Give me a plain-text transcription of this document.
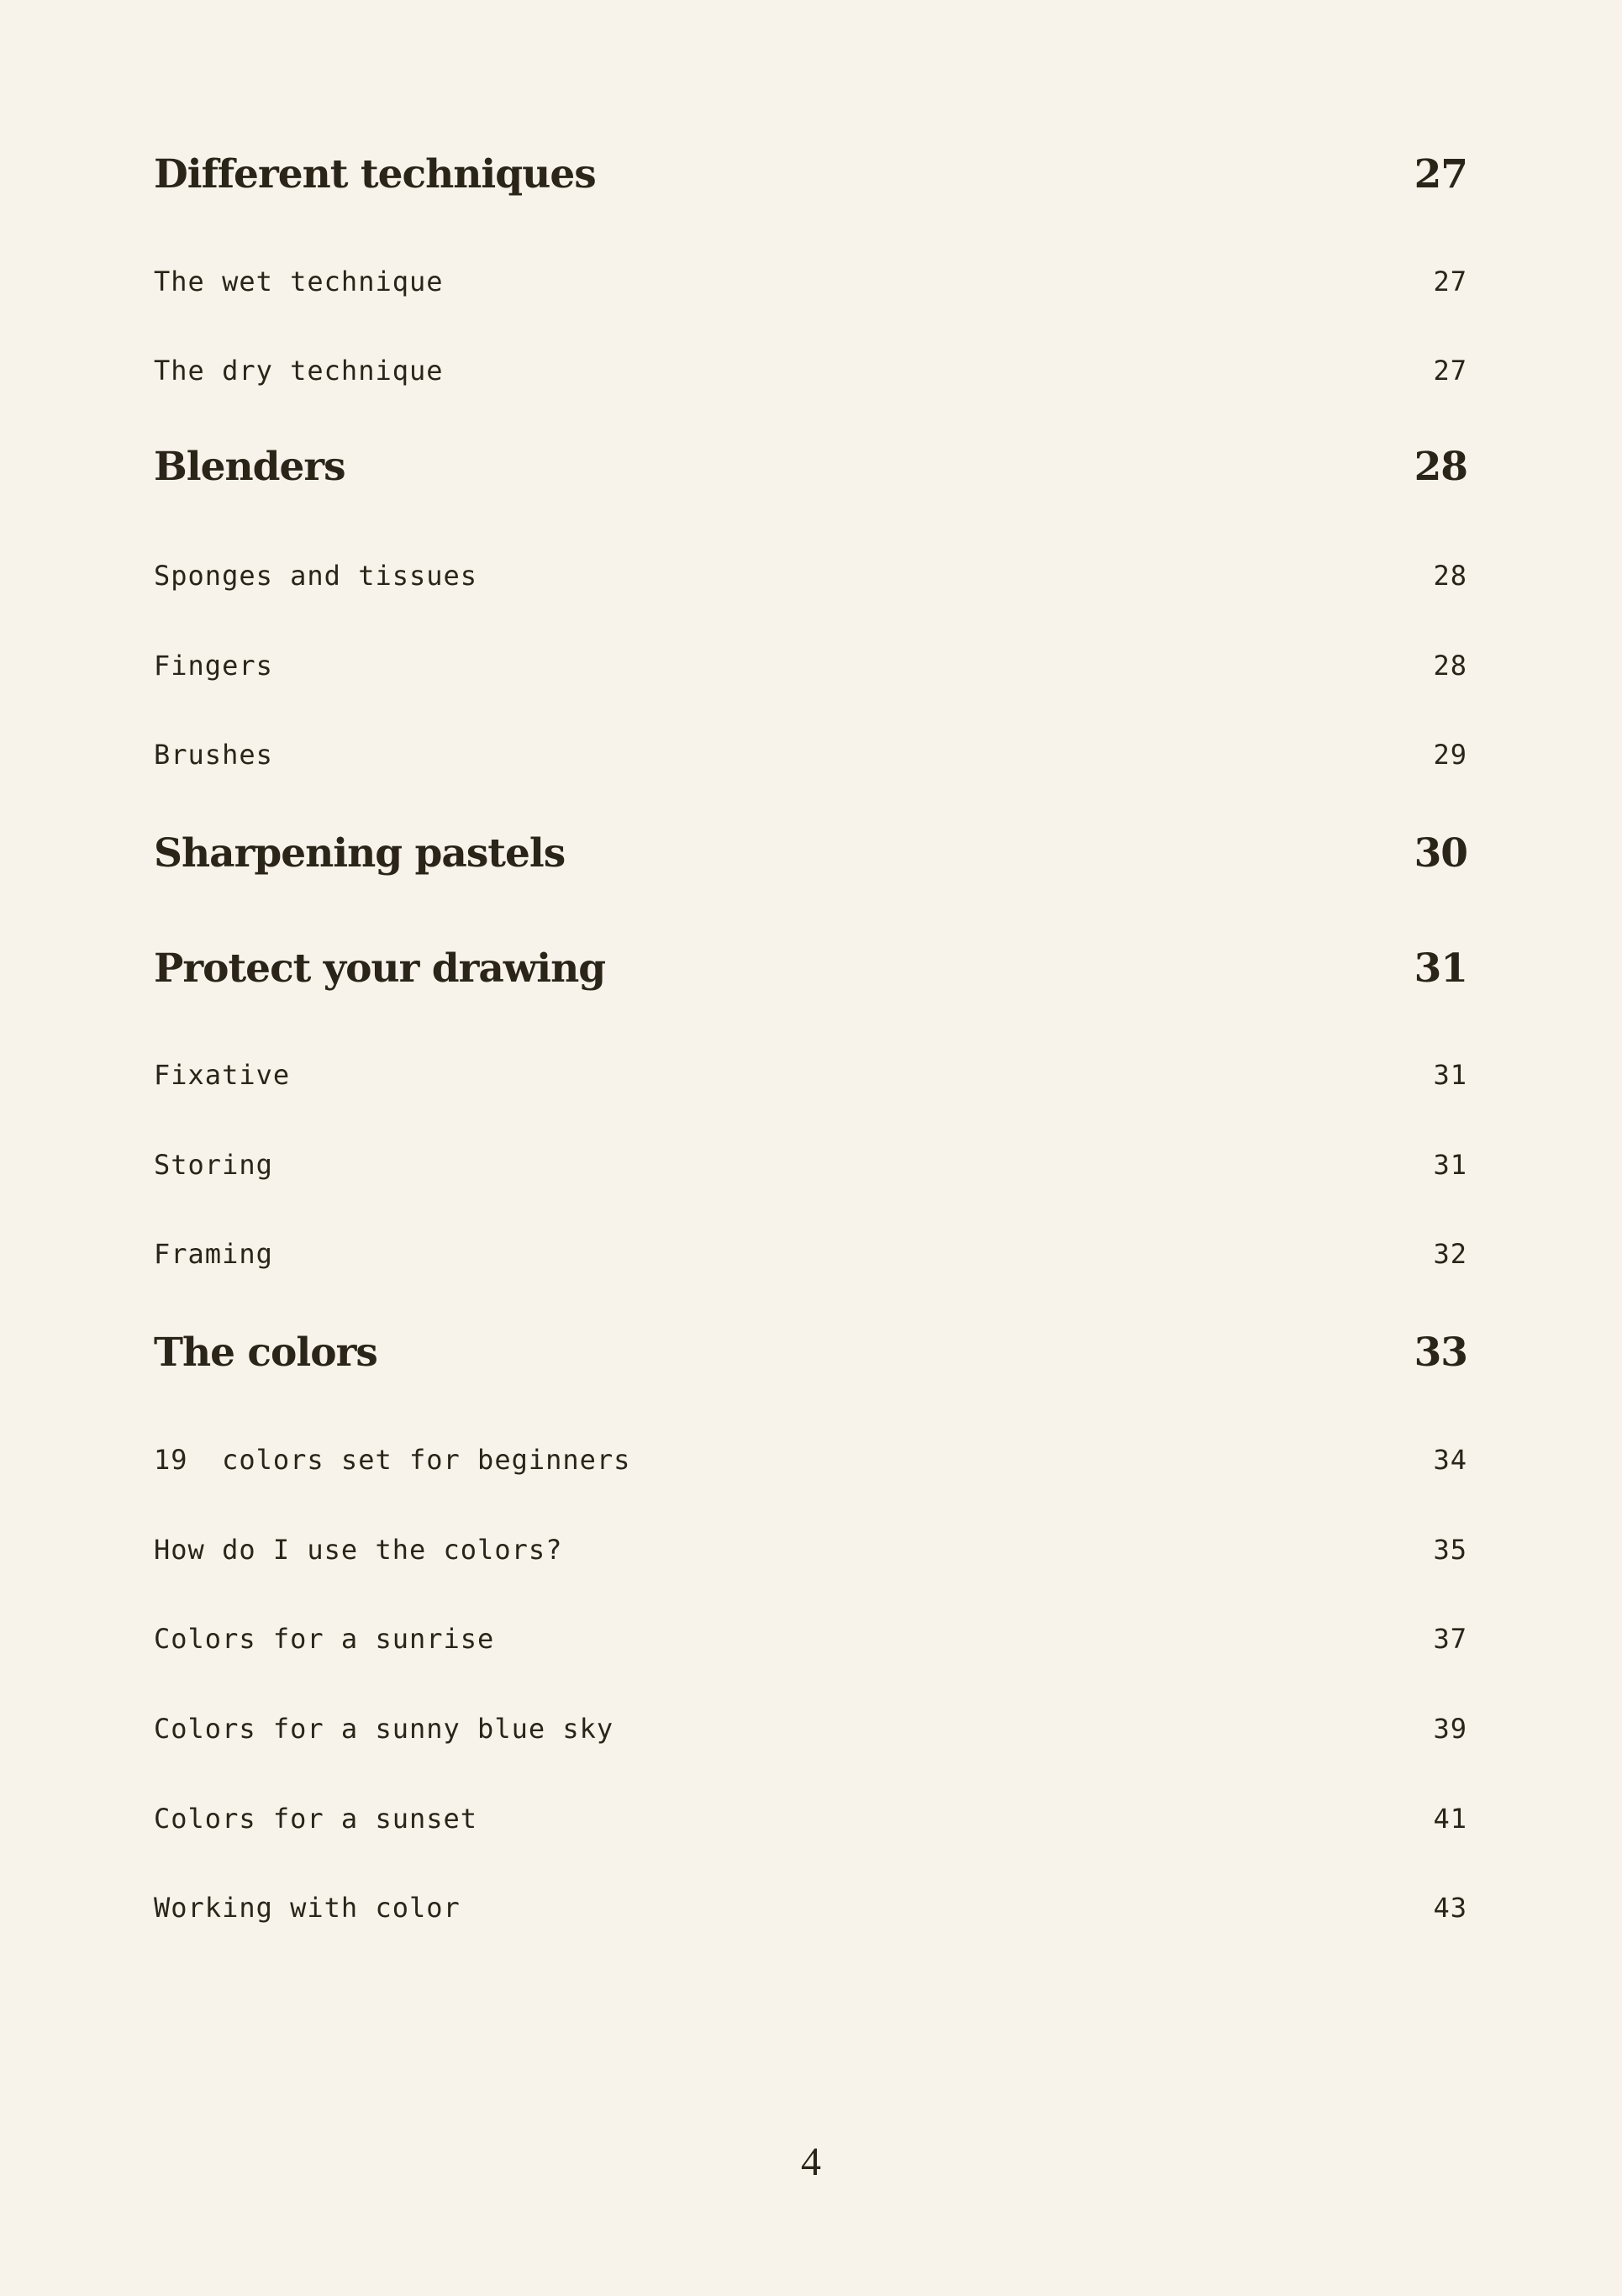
Different techniques	27
The wet technique	27
The dry technique	27
Blenders	28
Sponges and tissues	28
Fingers	28
Brushes	29
Sharpening pastels	30
Protect your drawing	31
Fixative	31
Storing	31
Framing	32
The colors	33
19  colors set for beginners	34
How do I use the colors?	35
Colors for a sunrise	37
Colors for a sunny blue sky	39
Colors for a sunset	41
Working with color	43
4
